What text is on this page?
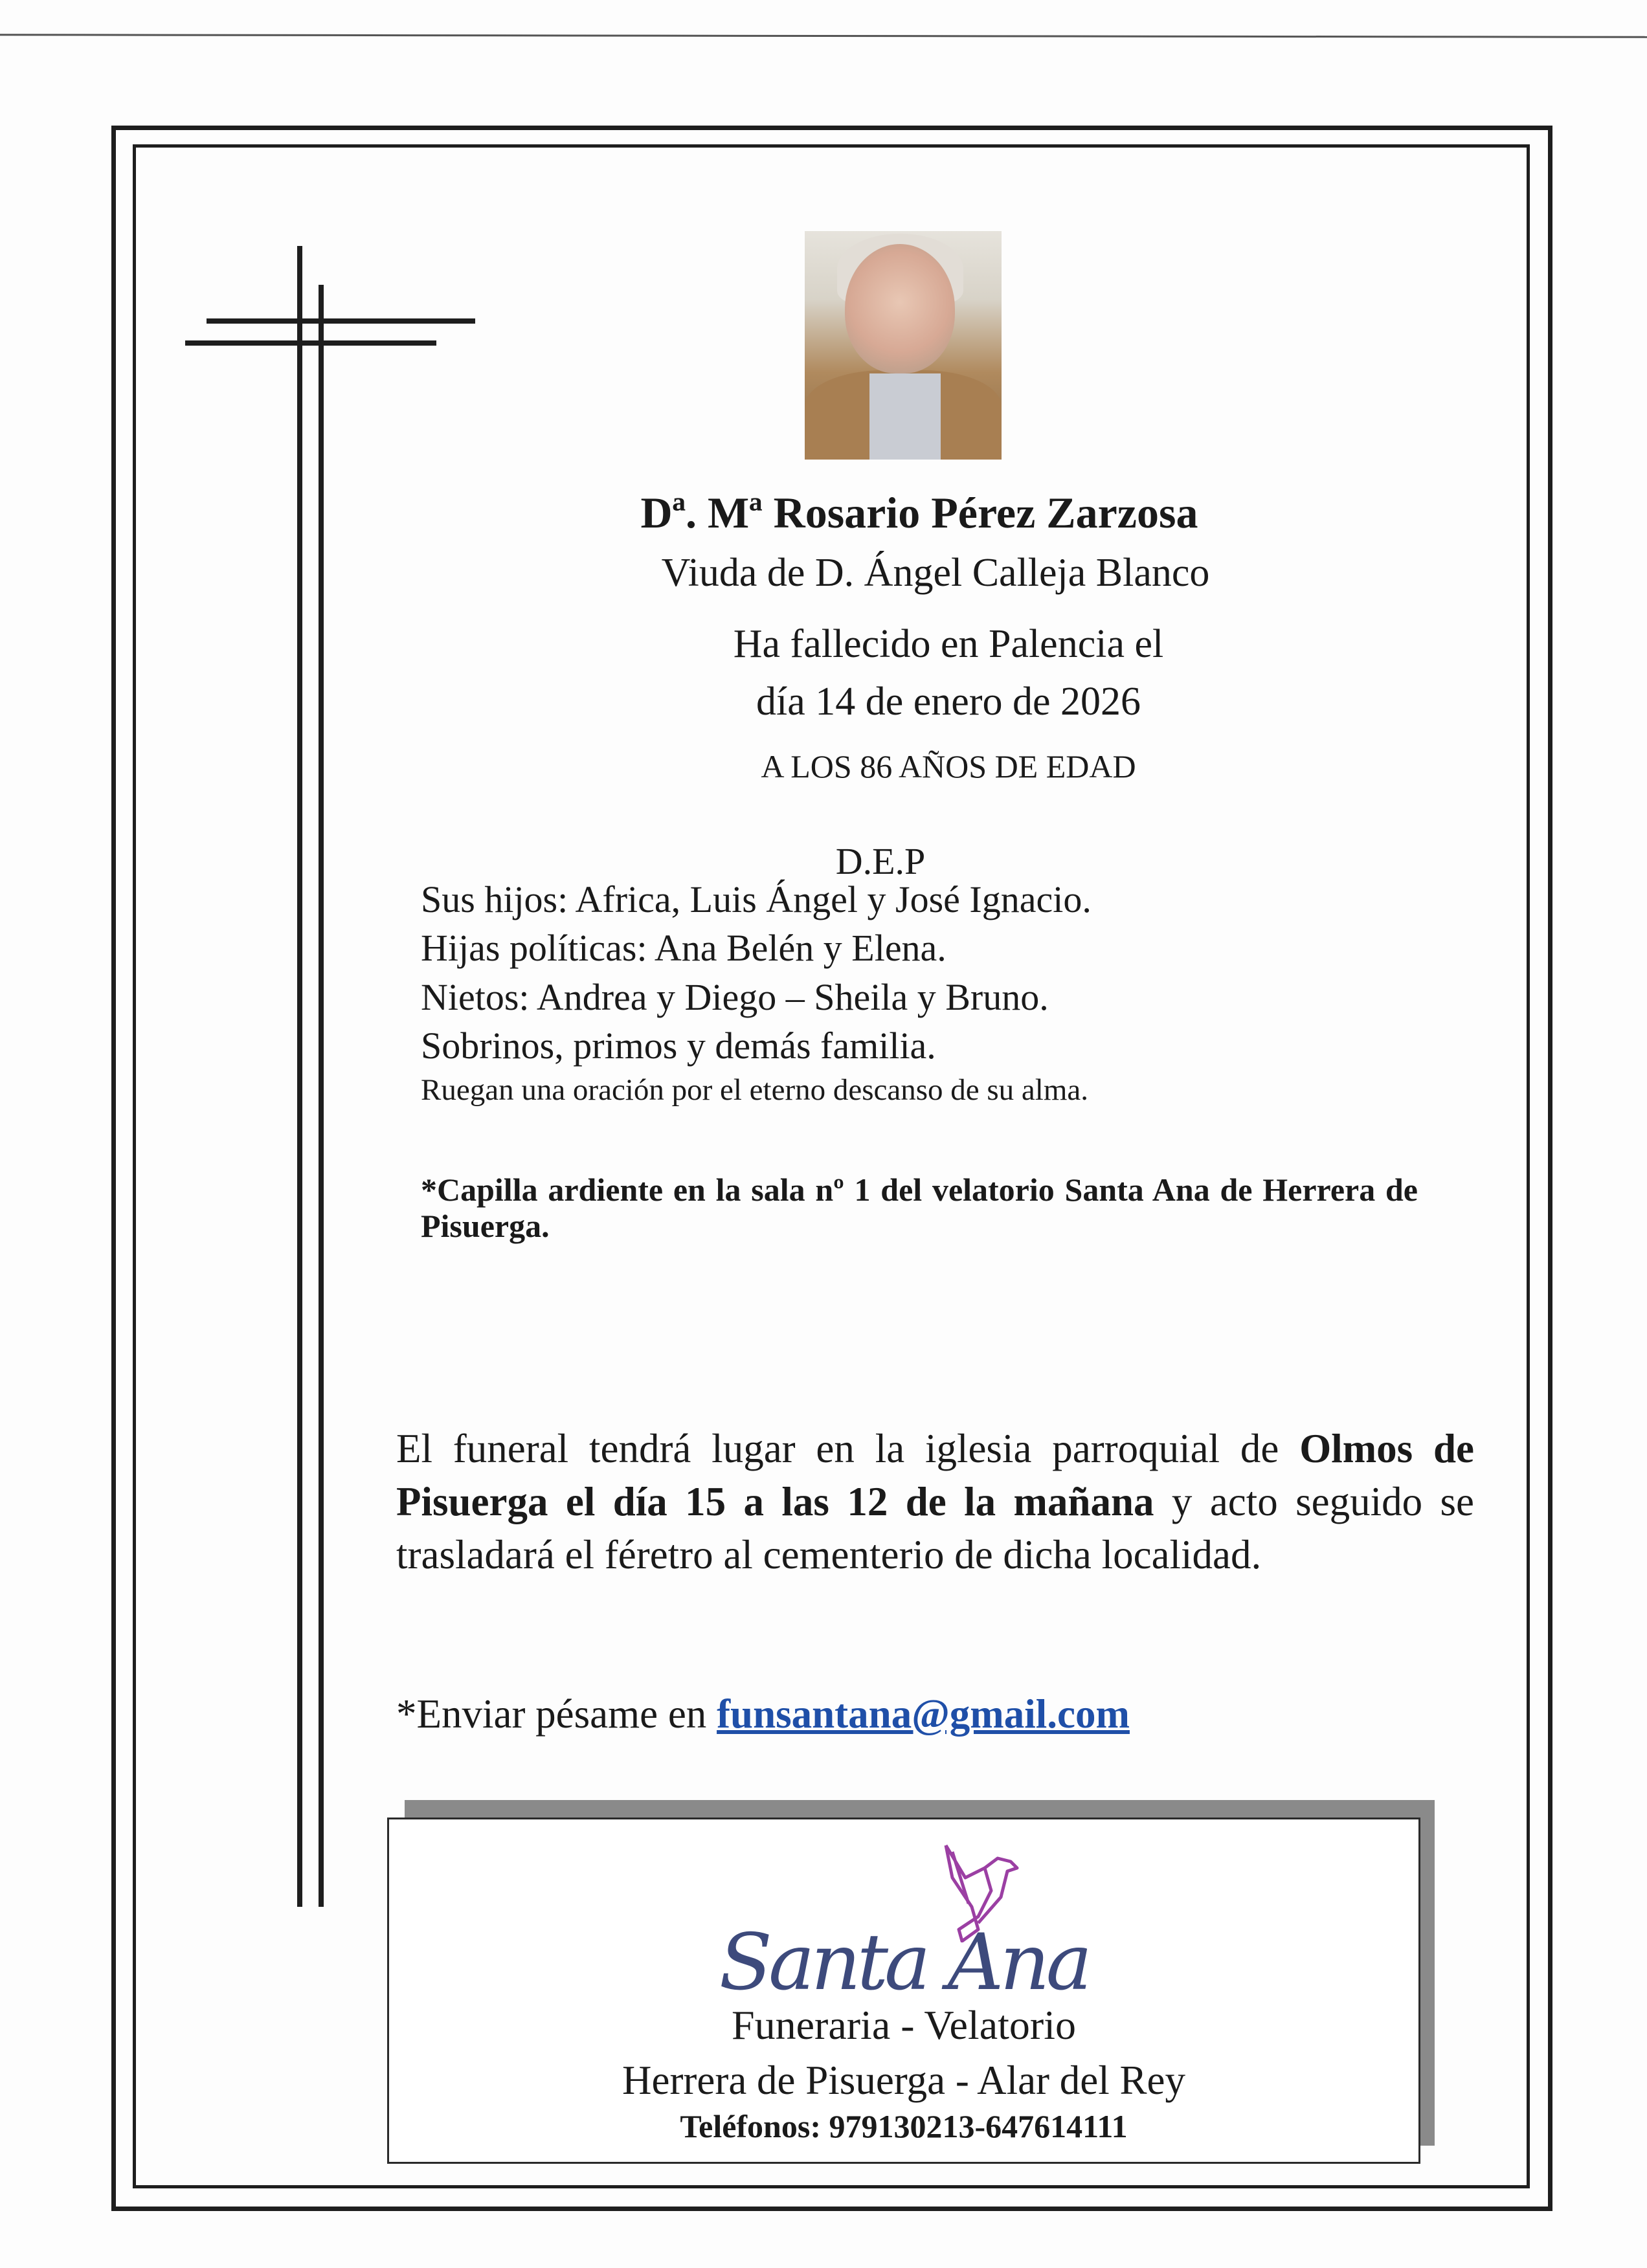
Dª. Mª Rosario Pérez Zarzosa
Viuda de D. Ángel Calleja Blanco
Ha fallecido en Palencia el
día 14 de enero de 2026
A LOS 86 AÑOS DE EDAD
D.E.P
Sus hijos: Africa, Luis Ángel y José Ignacio.
Hijas políticas: Ana Belén y Elena.
Nietos: Andrea y Diego – Sheila y Bruno.
Sobrinos, primos y demás familia.
Ruegan una oración por el eterno descanso de su alma.
*Capilla ardiente en la sala nº 1 del velatorio Santa Ana de Herrera de Pisuerga.
El funeral tendrá lugar en la iglesia parroquial de Olmos de Pisuerga el día 15 a las 12 de la mañana y acto seguido se trasladará el féretro al cementerio de dicha localidad.
*Enviar pésame en funsantana@gmail.com
Santa Ana
Funeraria - Velatorio
Herrera de Pisuerga - Alar del Rey
Teléfonos: 979130213-647614111
